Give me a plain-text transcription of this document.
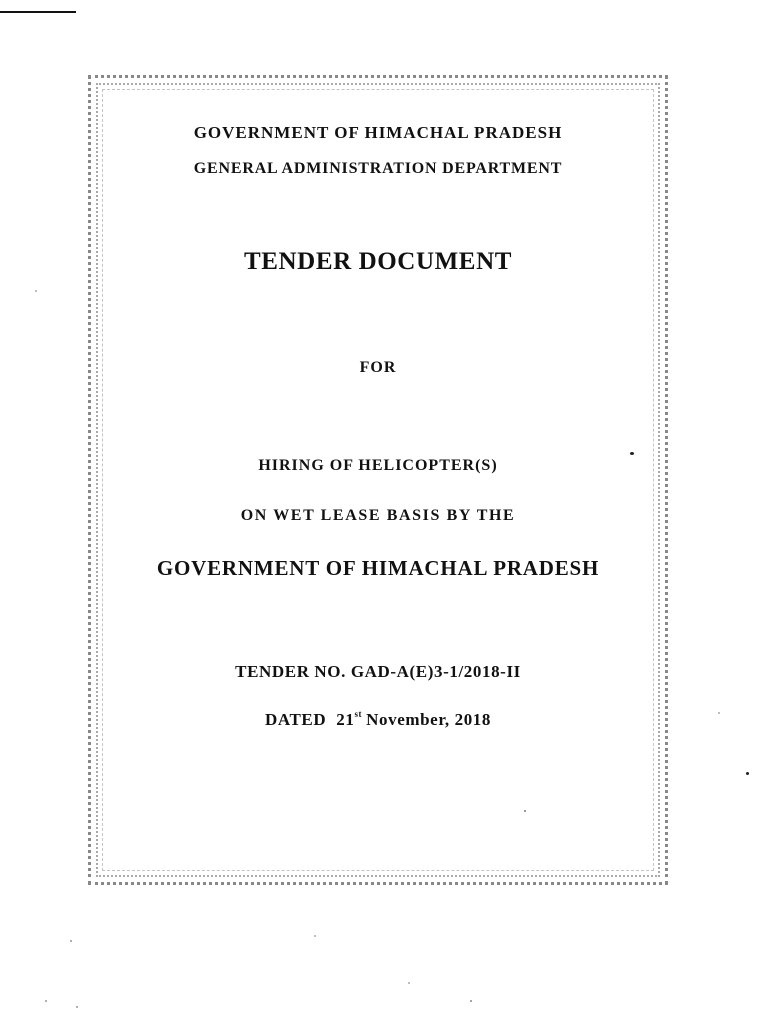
GOVERNMENT OF HIMACHAL PRADESH
GENERAL ADMINISTRATION DEPARTMENT
TENDER DOCUMENT
FOR
HIRING OF HELICOPTER(S)
ON WET LEASE BASIS BY THE
GOVERNMENT OF HIMACHAL PRADESH
TENDER NO. GAD-A(E)3-1/2018-II
DATED 21st November, 2018
